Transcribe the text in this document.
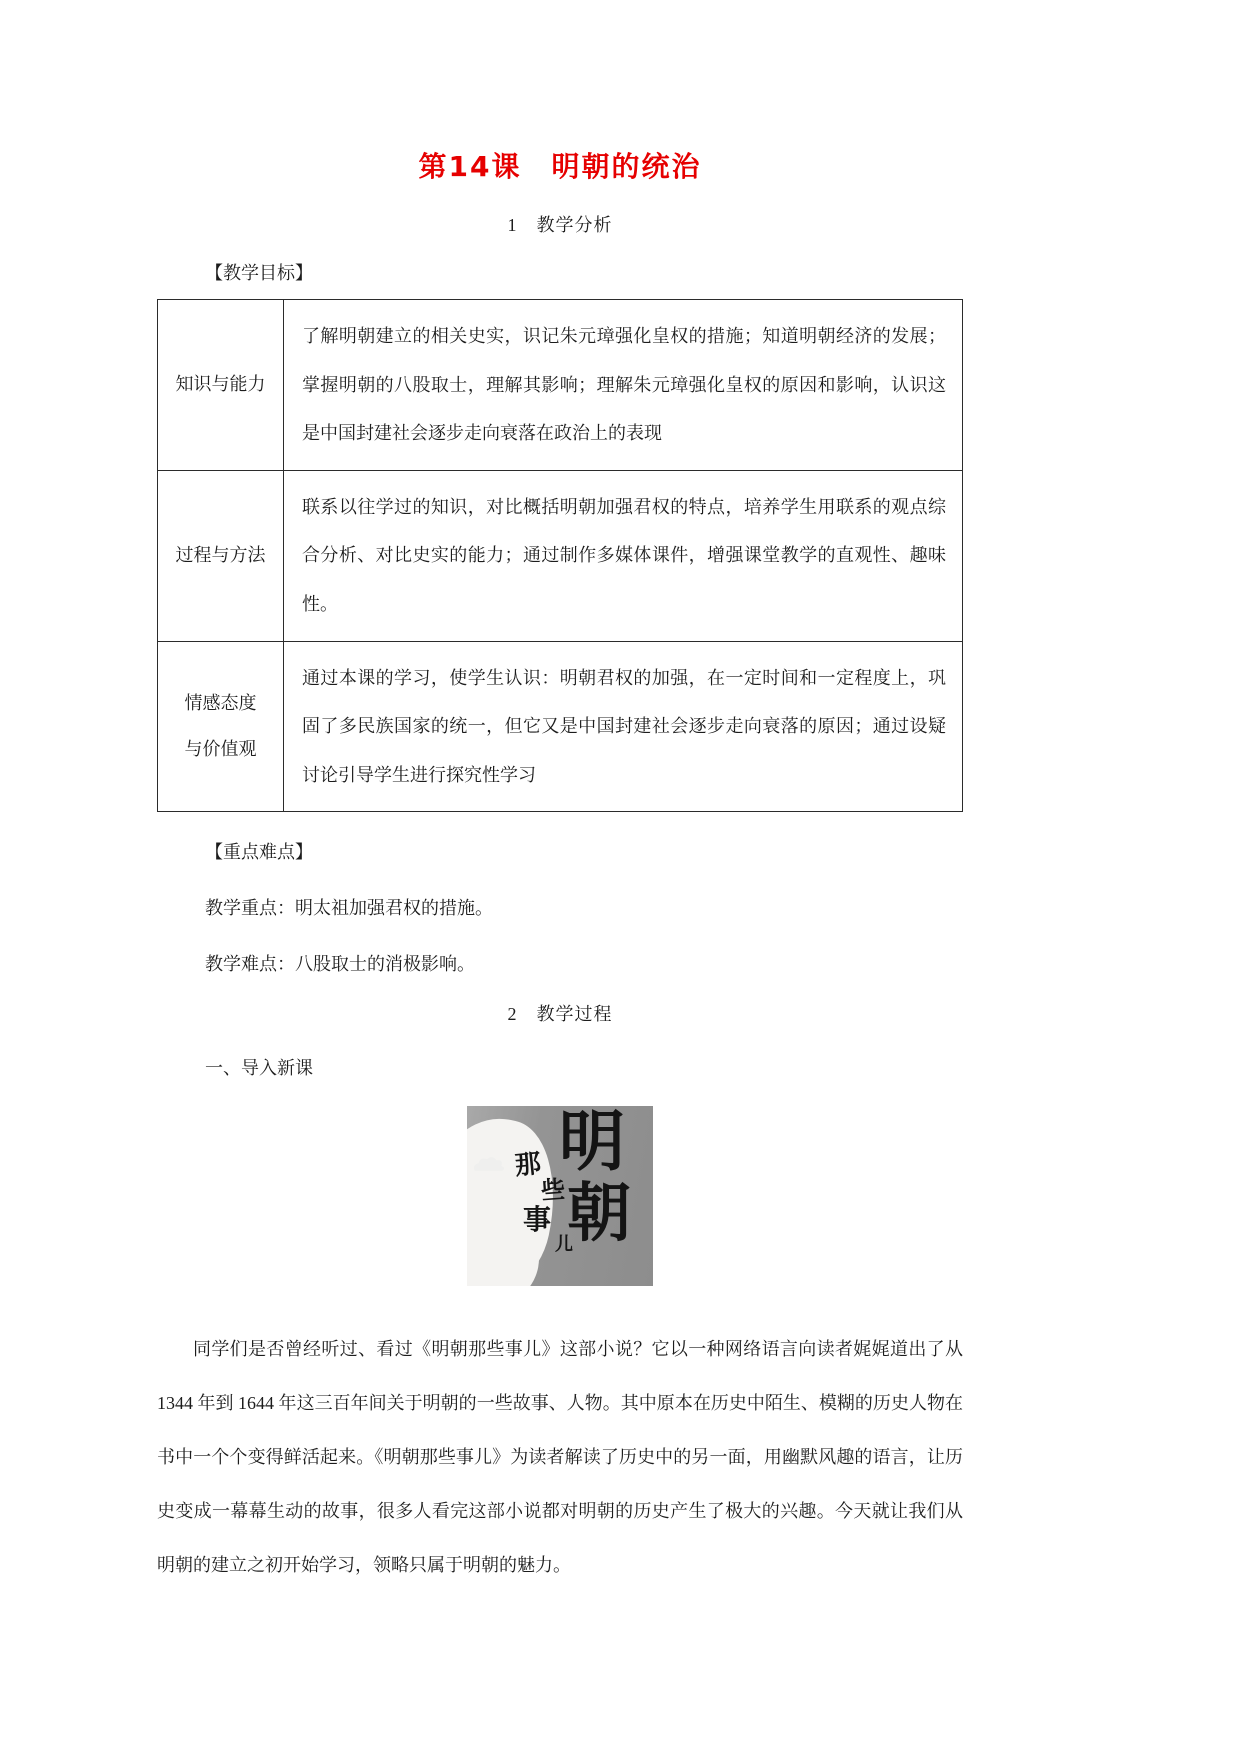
第14课　明朝的统治
1　教学分析
【教学目标】
知识与能力	了解明朝建立的相关史实，识记朱元璋强化皇权的措施；知道明朝经济的发展；掌握明朝的八股取士，理解其影响；理解朱元璋强化皇权的原因和影响，认识这是中国封建社会逐步走向衰落在政治上的表现
过程与方法	联系以往学过的知识，对比概括明朝加强君权的特点，培养学生用联系的观点综合分析、对比史实的能力；通过制作多媒体课件，增强课堂教学的直观性、趣味性。

情感态度
与价值观	通过本课的学习，使学生认识：明朝君权的加强，在一定时间和一定程度上，巩固了多民族国家的统一，但它又是中国封建社会逐步走向衰落的原因；通过设疑讨论引导学生进行探究性学习
【重点难点】
教学重点：明太祖加强君权的措施。
教学难点：八股取士的消极影响。
2　教学过程
一、导入新课
明
朝
那
些
事
儿
同学们是否曾经听过、看过《明朝那些事儿》这部小说？它以一种网络语言向读者娓娓道出了从 1344 年到 1644 年这三百年间关于明朝的一些故事、人物。其中原本在历史中陌生、模糊的历史人物在书中一个个变得鲜活起来。《明朝那些事儿》为读者解读了历史中的另一面，用幽默风趣的语言，让历史变成一幕幕生动的故事，很多人看完这部小说都对明朝的历史产生了极大的兴趣。今天就让我们从明朝的建立之初开始学习，领略只属于明朝的魅力。
